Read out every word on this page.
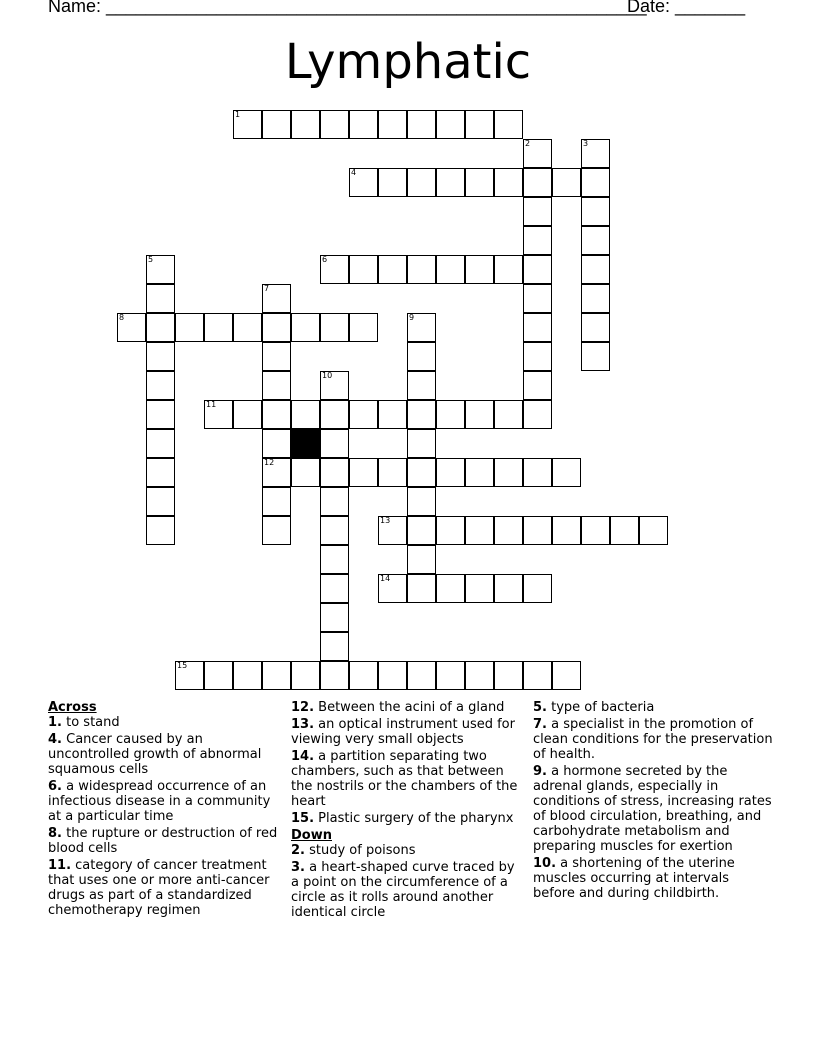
Name: ______________________________________________________
Date: _______
Lymphatic
1
2	3
4
5	6
7
8	9
10
11
12
13
14
15
Across
1. to stand
4. Cancer caused by an uncontrolled growth of abnormal squamous cells
6. a widespread occurrence of an infectious disease in a community at a particular time
8. the rupture or destruction of red blood cells
11. category of cancer treatment that uses one or more anti-cancer drugs as part of a standardized chemotherapy regimen
12. Between the acini of a gland
13. an optical instrument used for viewing very small objects
14. a partition separating two chambers, such as that between the nostrils or the chambers of the heart
15. Plastic surgery of the pharynx
Down
2. study of poisons
3. a heart-shaped curve traced by a point on the circumference of a circle as it rolls around another identical circle
5. type of bacteria
7. a specialist in the promotion of clean conditions for the preservation of health.
9. a hormone secreted by the adrenal glands, especially in conditions of stress, increasing rates of blood circulation, breathing, and carbohydrate metabolism and preparing muscles for exertion
10. a shortening of the uterine muscles occurring at intervals before and during childbirth.
